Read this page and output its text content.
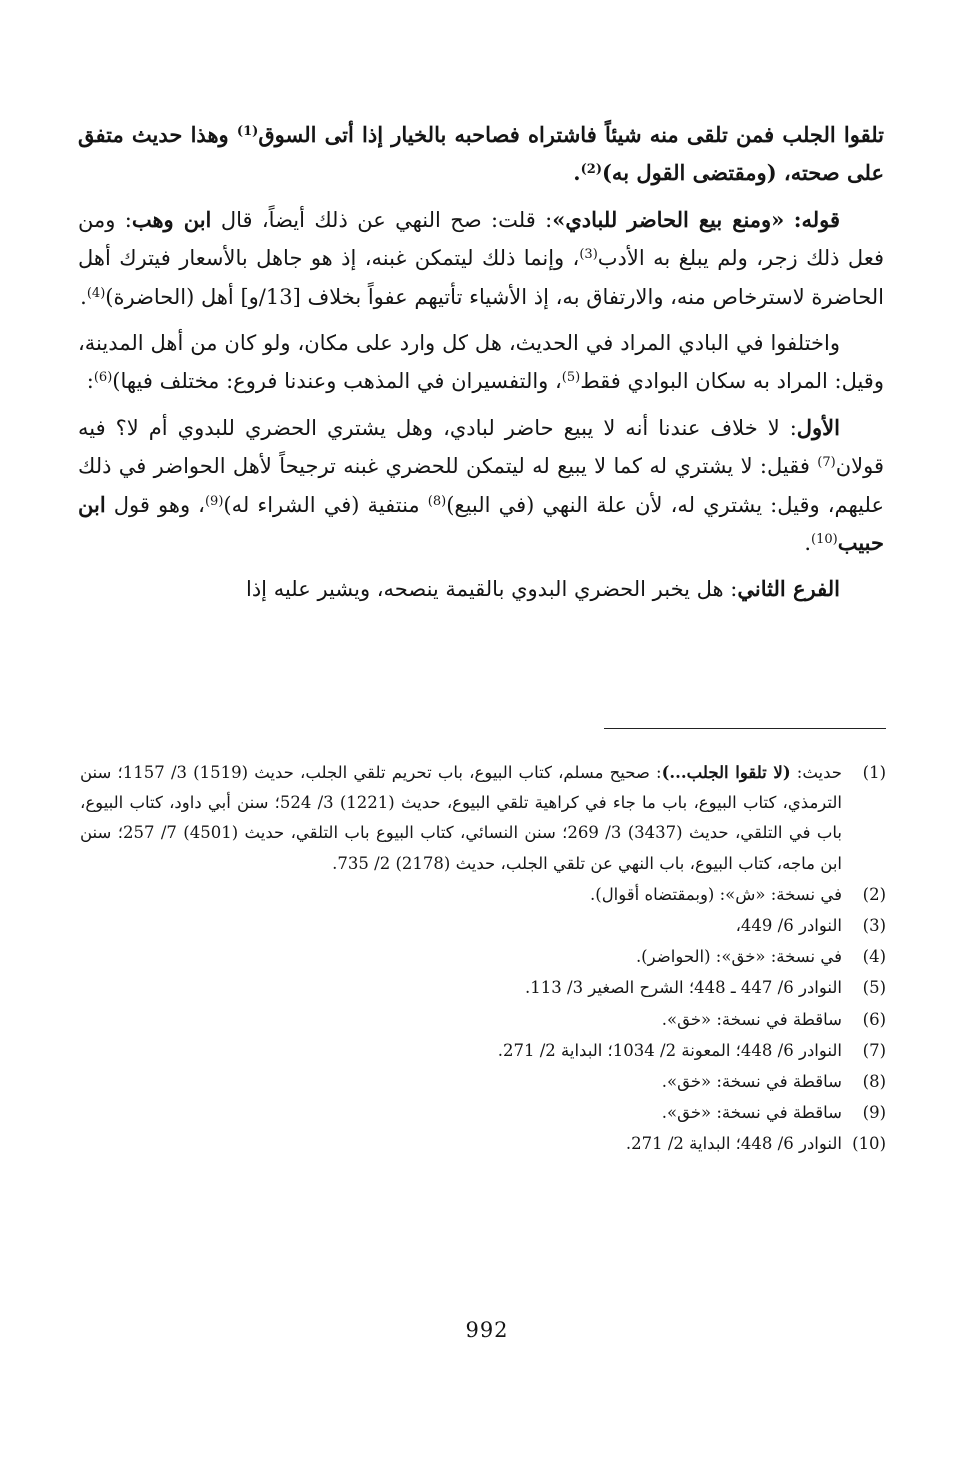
تلقوا الجلب فمن تلقى منه شيئاً فاشتراه فصاحبه بالخيار إذا أتى السوق$^{(1)}$ وهذا حديث متفق على صحته، (ومقتضى القول به)$^{(2)}$.

قوله: «ومنع بيع الحاضر للبادي»: قلت: صح النهي عن ذلك أيضاً، قال ابن وهب: ومن فعل ذلك زجر، ولم يبلغ به الأدب$^{(3)}$، وإنما ذلك ليتمكن غبنه، إذ هو جاهل بالأسعار فيترك أهل الحاضرة لاسترخاص منه، والارتفاق به، إذ الأشياء تأتيهم عفواً بخلاف [13/و] أهل (الحاضرة)$^{(4)}$.

واختلفوا في البادي المراد في الحديث، هل كل وارد على مكان، ولو كان من أهل المدينة، وقيل: المراد به سكان البوادي فقط$^{(5)}$، والتفسيران في المذهب وعندنا فروع: مختلف فيها)$^{(6)}$:

الأول: لا خلاف عندنا أنه لا يبيع حاضر لبادي، وهل يشتري الحضري للبدوي أم لا؟ فيه قولان$^{(7)}$ فقيل: لا يشتري له كما لا يبيع له ليتمكن للحضري غبنه ترجيحاً لأهل الحواضر في ذلك عليهم، وقيل: يشتري له، لأن علة النهي (في البيع)$^{(8)}$ منتفية (في الشراء له)$^{(9)}$، وهو قول ابن حبيب$^{(10)}$.

الفرع الثاني: هل يخبر الحضري البدوي بالقيمة ينصحه، ويشير عليه إذا

(1)
حديث: (لا تلقوا الجلب...): صحيح مسلم، كتاب البيوع، باب تحريم تلقي الجلب، حديث (1519) 3/ 1157؛ سنن الترمذي، كتاب البيوع، باب ما جاء في كراهية تلقي البيوع، حديث (1221) 3/ 524؛ سنن أبي داود، كتاب البيوع، باب في التلقي، حديث (3437) 3/ 269؛ سنن النسائي، كتاب البيوع باب التلقي، حديث (4501) 7/ 257؛ سنن ابن ماجه، كتاب البيوع، باب النهي عن تلقي الجلب، حديث (2178) 2/ 735.
(2)
في نسخة: «ش»: (وبمقتضاه أقوال).
(3)
النوادر 6/ 449،
(4)
في نسخة: «خق»: (الحواضر).
(5)
النوادر 6/ 447 ـ 448؛ الشرح الصغير 3/ 113.
(6)
ساقطة في نسخة: «خق».
(7)
النوادر 6/ 448؛ المعونة 2/ 1034؛ البداية 2/ 271.
(8)
ساقطة في نسخة: «خق».
(9)
ساقطة في نسخة: «خق».
(10)
النوادر 6/ 448؛ البداية 2/ 271.
992
